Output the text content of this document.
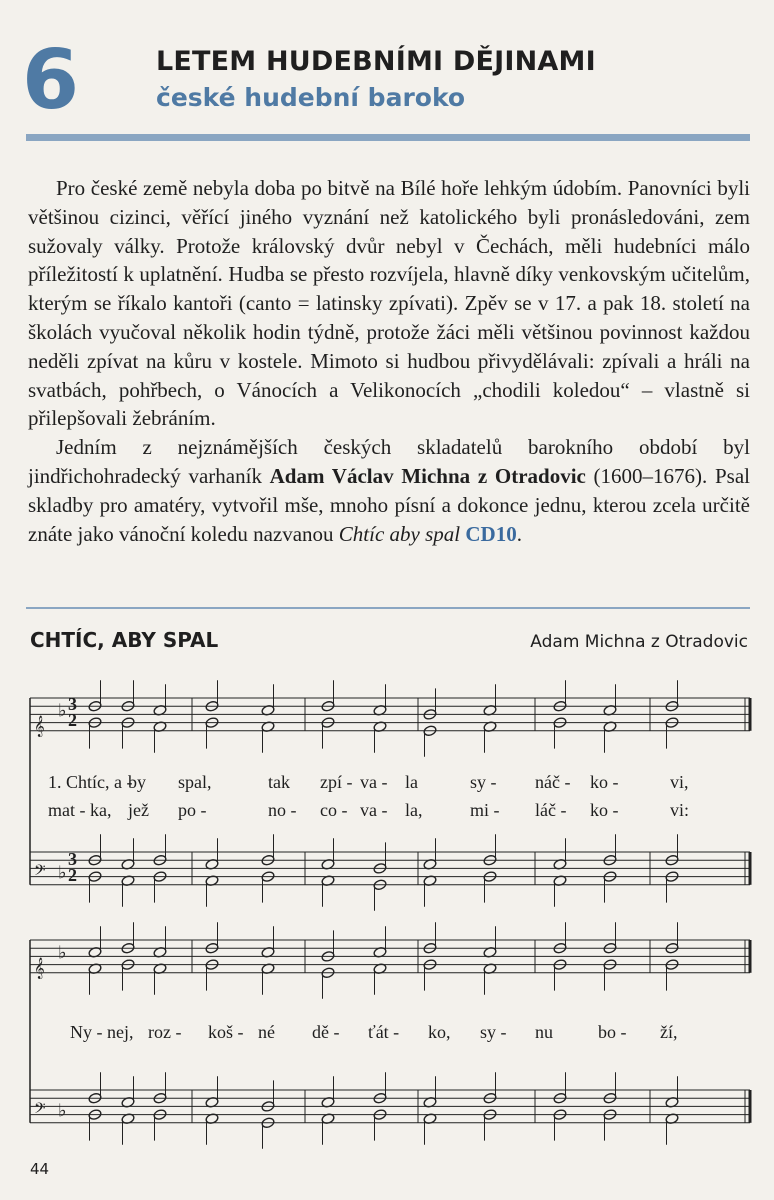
6	LETEM HUDEBNÍMI DĚJINAMI
české hudební baroko

Pro české země nebyla doba po bitvě na Bílé hoře lehkým údobím. Panovníci byli většinou cizinci, věřící jiného vyznání než katolického byli pronásledováni, zem sužovaly války. Protože královský dvůr nebyl v Čechách, měli hudebníci málo příležitostí k uplatnění. Hudba se přesto rozvíjela, hlavně díky venkovským učitelům, kterým se říkalo kantoři (canto = latinsky zpívati). Zpěv se v 17. a pak 18. století na školách vyučoval několik hodin týdně, protože žáci měli většinou povinnost každou neděli zpívat na kůru v kostele. Mimoto si hudbou přivydělávali: zpívali a hráli na svatbách, pohřbech, o Vánocích a Velikonocích „chodili koledou“ – vlastně si přilepšovali žebráním.

Jedním z nejznámějších českých skladatelů barokního období byl jindřichohradecký varhaník Adam Václav Michna z Otradovic (1600–1676). Psal skladby pro amatéry, vytvořil mše, mnoho písní a dokonce jednu, kterou zcela určitě znáte jako vánoční koledu nazvanou Chtíc aby spal CD10.

CHTÍC, ABY SPAL	Adam Michna z Otradovic
𝄞
𝄞
𝄢
𝄢
♭
♭
♭
♭
1. Chtíc, a -
by spal,	tak zpí - va - la	sy - náč - ko -	vi,
mat - ka, jež po -	no - co - va - la,	mi - láč - ko -	vi:
Ny - nej, roz - koš - né dě - ťát - ko, sy - nu	bo - ží,
3
2
3
2
44
